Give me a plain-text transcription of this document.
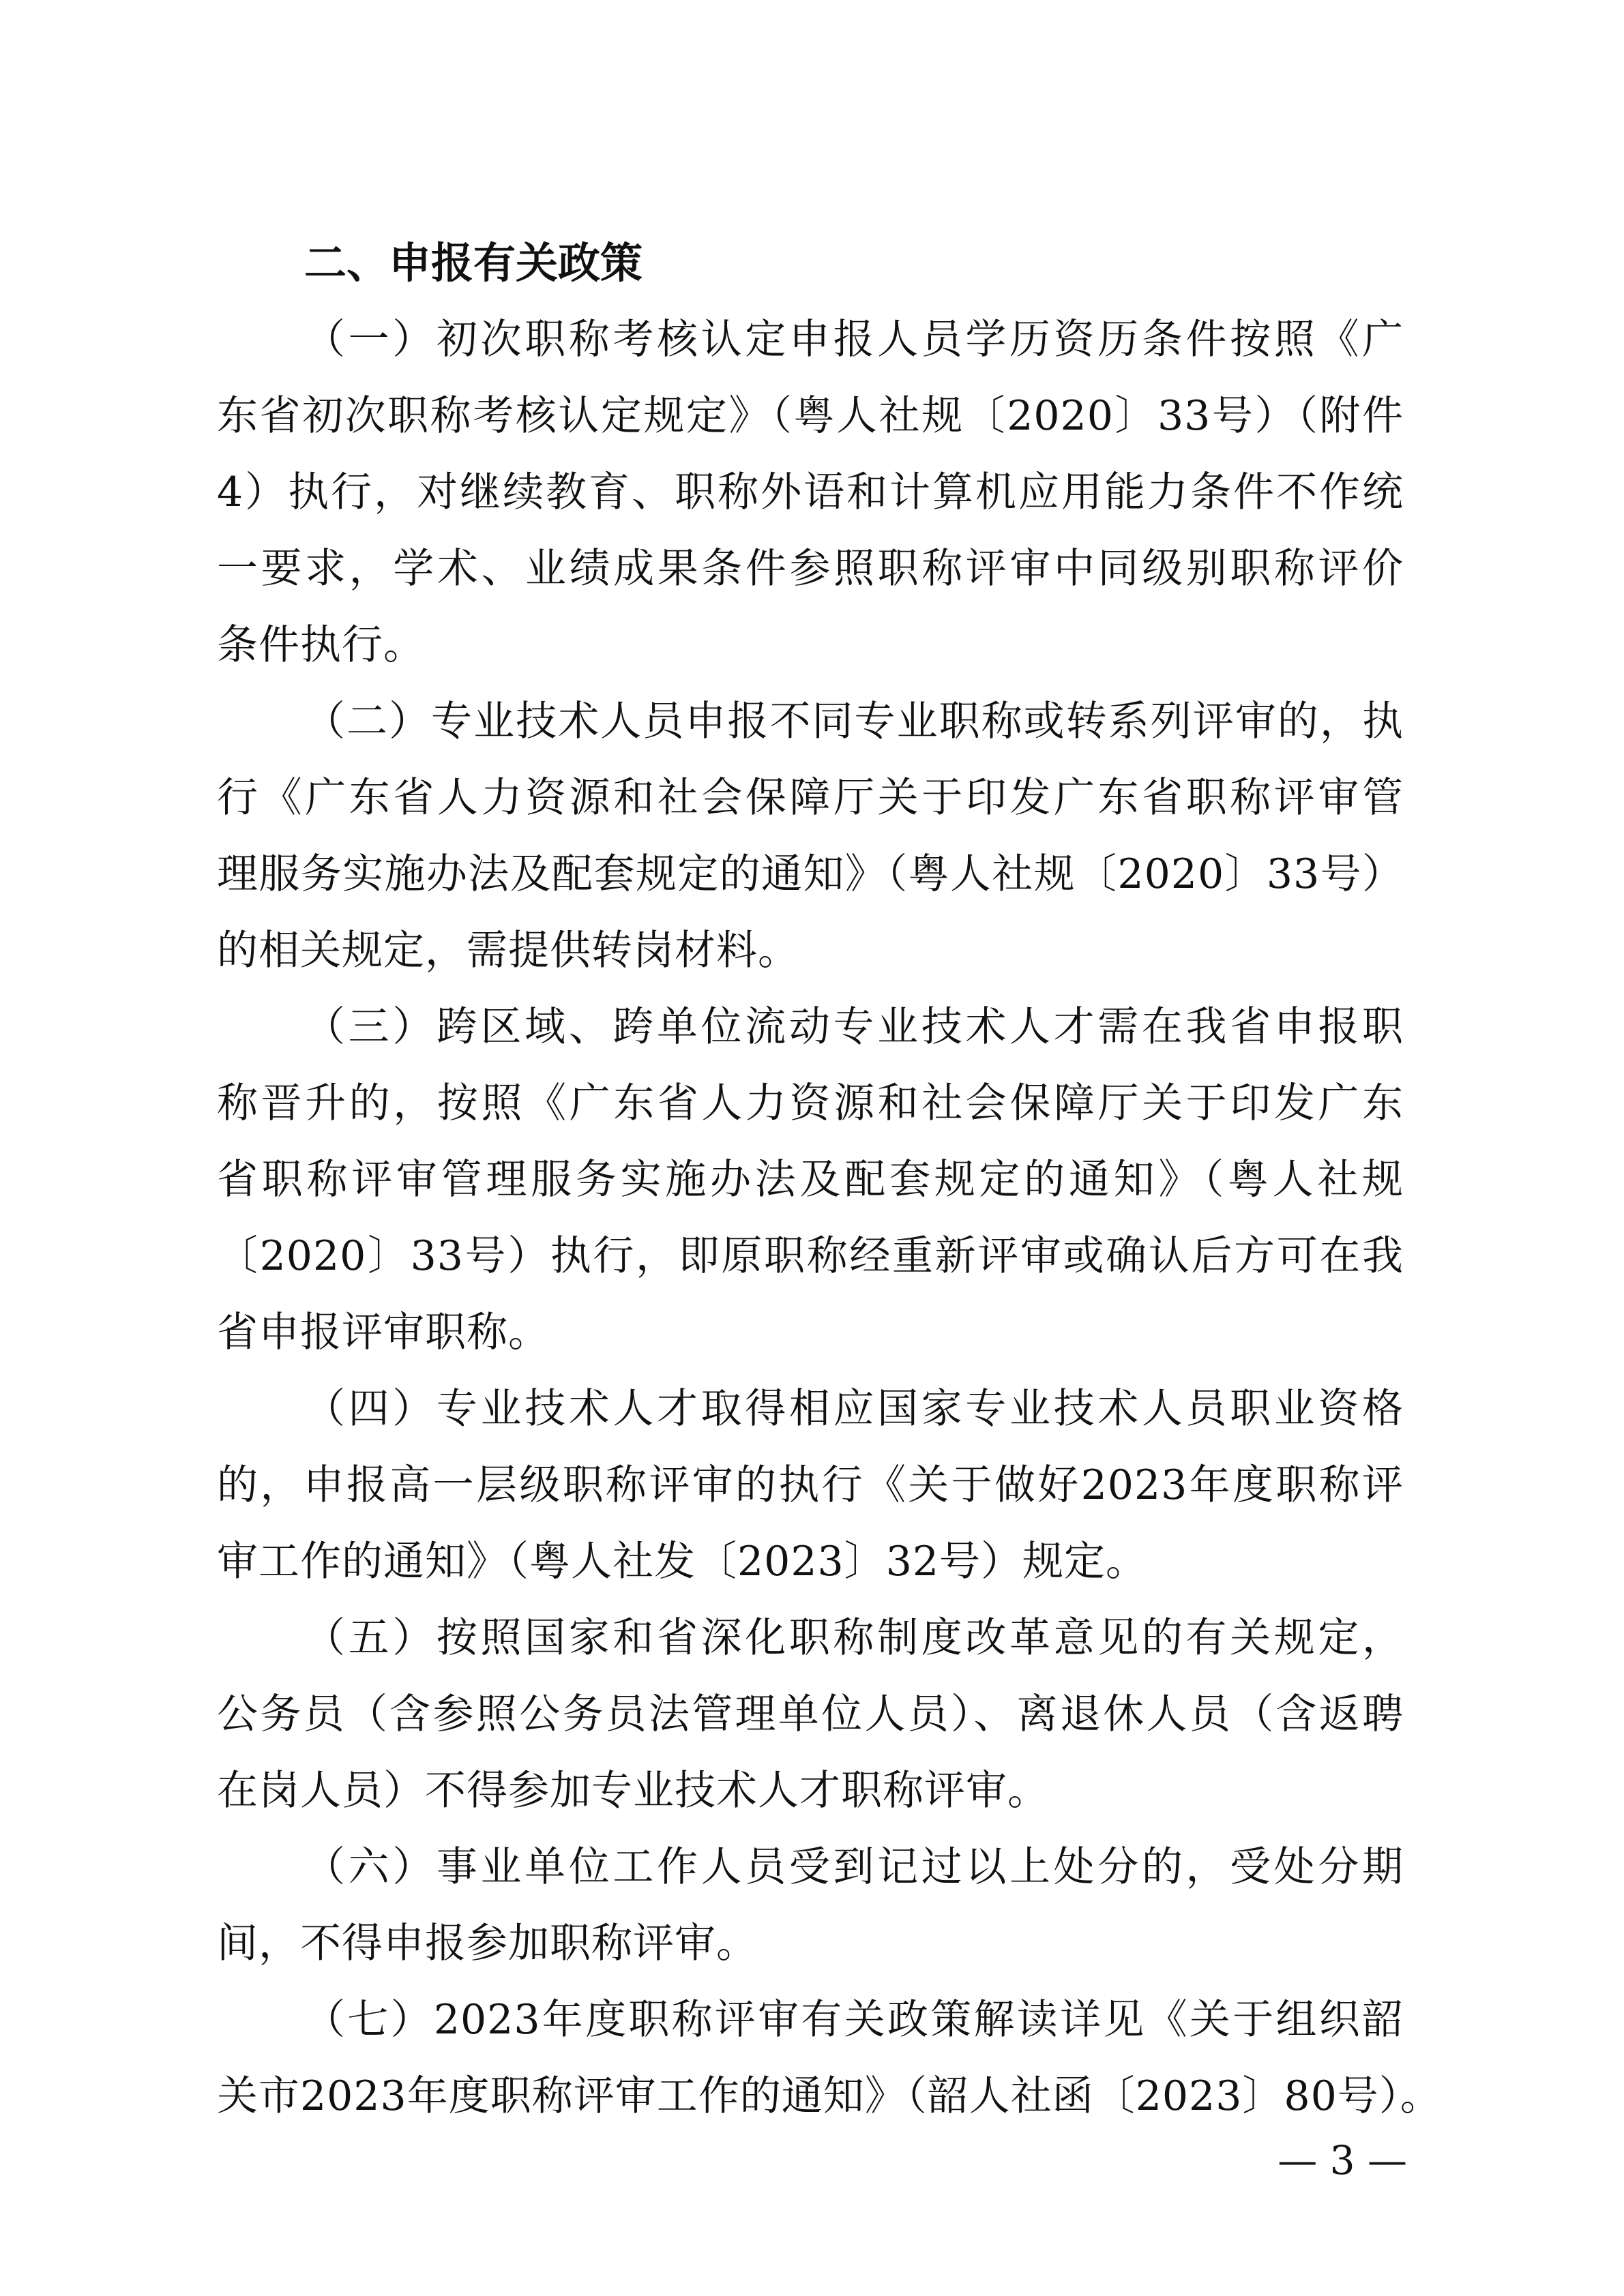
二、申报有关政策
（一）初次职称考核认定申报人员学历资历条件按照《广
东省初次职称考核认定规定》（粤人社规〔2020〕33号）（附件
4）执行，对继续教育、职称外语和计算机应用能力条件不作统
一要求，学术、业绩成果条件参照职称评审中同级别职称评价
条件执行。
（二）专业技术人员申报不同专业职称或转系列评审的，执
行《广东省人力资源和社会保障厅关于印发广东省职称评审管
理服务实施办法及配套规定的通知》（粤人社规〔2020〕33号）
的相关规定，需提供转岗材料。
（三）跨区域、跨单位流动专业技术人才需在我省申报职
称晋升的，按照《广东省人力资源和社会保障厅关于印发广东
省职称评审管理服务实施办法及配套规定的通知》（粤人社规
〔2020〕33号）执行，即原职称经重新评审或确认后方可在我
省申报评审职称。
（四）专业技术人才取得相应国家专业技术人员职业资格
的，申报高一层级职称评审的执行《关于做好2023年度职称评
审工作的通知》（粤人社发〔2023〕32号）规定。
（五）按照国家和省深化职称制度改革意见的有关规定，
公务员（含参照公务员法管理单位人员）、离退休人员（含返聘
在岗人员）不得参加专业技术人才职称评审。
（六）事业单位工作人员受到记过以上处分的，受处分期
间，不得申报参加职称评审。
（七）2023年度职称评审有关政策解读详见《关于组织韶
关市2023年度职称评审工作的通知》（韶人社函〔2023〕80号）。
— 3 —
